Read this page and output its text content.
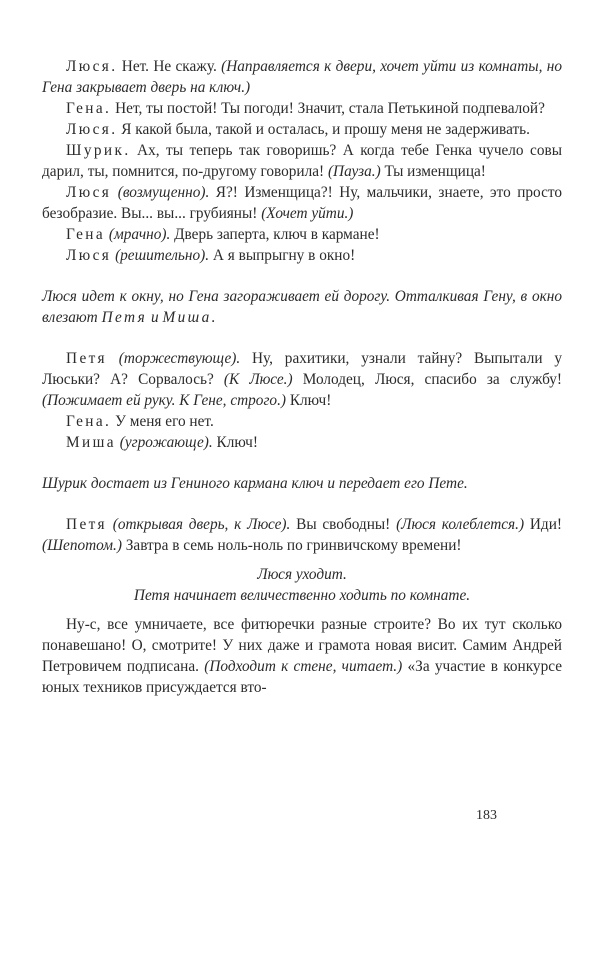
Люся. Нет. Не скажу. (Направляется к двери, хочет уйти из комнаты, но Гена закрывает дверь на ключ.)

Гена. Нет, ты постой! Ты погоди! Значит, стала Петькиной подпевалой?

Люся. Я какой была, такой и осталась, и прошу меня не задерживать.

Шурик. Ах, ты теперь так говоришь? А когда тебе Генка чучело совы дарил, ты, помнится, по-другому говорила! (Пауза.) Ты изменщица!

Люся (возмущенно). Я?! Изменщица?! Ну, мальчики, знаете, это просто безобразие. Вы... вы... грубияны! (Хочет уйти.)

Гена (мрачно). Дверь заперта, ключ в кармане!

Люся (решительно). А я выпрыгну в окно!

Люся идет к окну, но Гена загораживает ей дорогу. Отталкивая Гену, в окно влезают Петя и Миша.

Петя (торжествующе). Ну, рахитики, узнали тайну? Выпытали у Люськи? А? Сорвалось? (К Люсе.) Молодец, Люся, спасибо за службу! (Пожимает ей руку. К Гене, строго.) Ключ!

Гена. У меня его нет.

Миша (угрожающе). Ключ!

Шурик достает из Гениного кармана ключ и передает его Пете.

Петя (открывая дверь, к Люсе). Вы свободны! (Люся колеблется.) Иди! (Шепотом.) Завтра в семь ноль-ноль по гринвичскому времени!

Люся уходит.

Петя начинает величественно ходить по комнате.

Ну-с, все умничаете, все фитюречки разные строите? Во их тут сколько понавешано! О, смотрите! У них даже и грамота новая висит. Самим Андрей Петровичем подписана. (Подходит к стене, читает.) «За участие в конкурсе юных техников присуждается вто-

183
